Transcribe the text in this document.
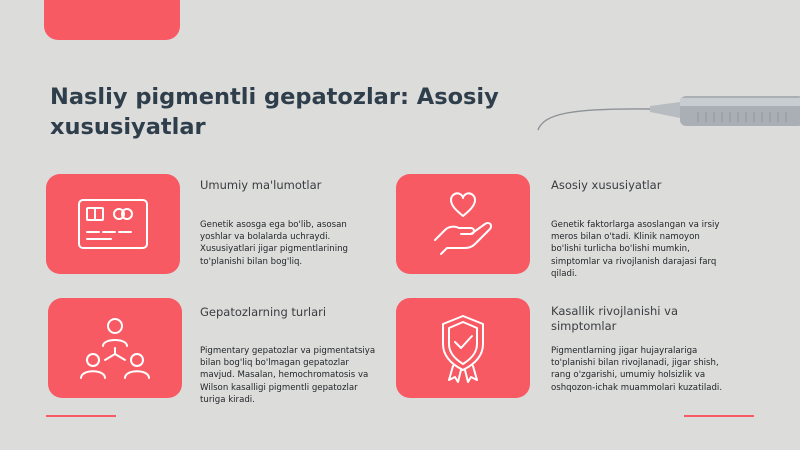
Nasliy pigmentli gepatozlar: Asosiy xususiyatlar
Umumiy ma'lumotlar
Genetik asosga ega bo'lib, asosan yoshlar va bolalarda uchraydi. Xususiyatlari jigar pigmentlarining to'planishi bilan bog'liq.
Asosiy xususiyatlar
Genetik faktorlarga asoslangan va irsiy meros bilan o'tadi. Klinik namoyon bo'lishi turlicha bo'lishi mumkin, simptomlar va rivojlanish darajasi farq qiladi.
Gepatozlarning turlari
Pigmentary gepatozlar va pigmentatsiya bilan bog'liq bo'lmagan gepatozlar mavjud. Masalan, hemochromatosis va Wilson kasalligi pigmentli gepatozlar turiga kiradi.
Kasallik rivojlanishi va simptomlar
Pigmentlarning jigar hujayralariga to'planishi bilan rivojlanadi, jigar shish, rang o'zgarishi, umumiy holsizlik va oshqozon-ichak muammolari kuzatiladi.
